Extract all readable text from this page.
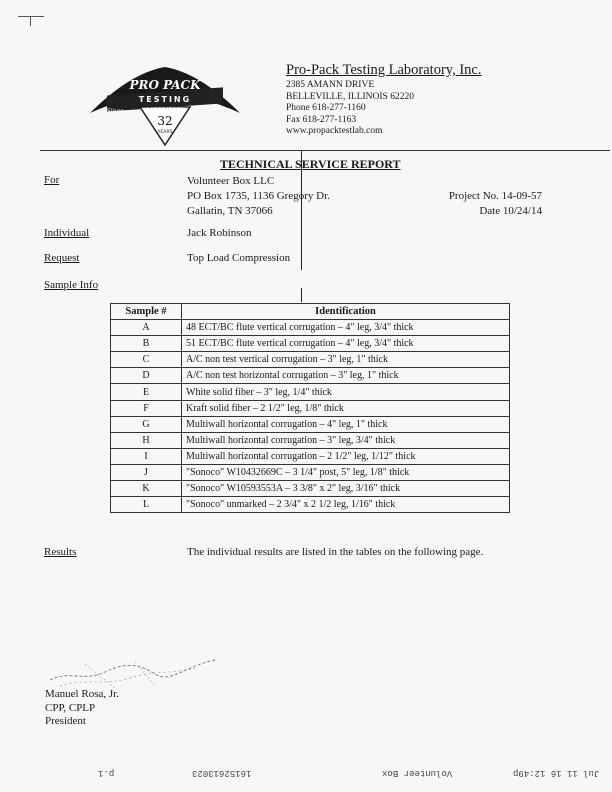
PRO PACK
TESTING
LABORATORY
Since	1982
32
YEARS
Pro-Pack Testing Laboratory, Inc.
2385 AMANN DRIVE
BELLEVILLE, ILLINOIS 62220
Phone 618-277-1160
Fax 618-277-1163
www.propacktestlab.com
TECHNICAL SERVICE REPORT
For	Volunteer Box LLC
PO Box 1735, 1136 Gregory Dr.
Gallatin, TN 37066
Project No. 14-09-57
Date 10/24/14
Individual	Jack Robinson
Request	Top Load Compression
Sample Info
Sample #	Identification
A	48 ECT/BC flute vertical corrugation – 4" leg, 3/4" thick
B	51 ECT/BC flute vertical corrugation – 4" leg, 3/4" thick
C	A/C non test vertical corrugation – 3" leg, 1" thick
D	A/C non test horizontal corrugation – 3" leg, 1" thick
E	White solid fiber – 3" leg, 1/4" thick
F	Kraft solid fiber – 2 1/2" leg, 1/8" thick
G	Multiwall horizontal corrugation – 4" leg, 1" thick
H	Multiwall horizontal corrugation – 3" leg, 3/4" thick
I	Multiwall horizontal corrugation – 2 1/2" leg, 1/12" thick
J	"Sonoco" W10432669C – 3 1/4" post, 5" leg, 1/8" thick
K	"Sonoco" W10593553A – 3 3/8" x 2" leg, 3/16" thick
L	"Sonoco" unmarked – 2 3/4" x 2 1/2 leg, 1/16" thick
Results	The individual results are listed in the tables on the following page.
Manuel Rosa, Jr.
CPP, CPLP
President
p.1	16152613023	Volunteer Box	Jul 11 16 12:49p
